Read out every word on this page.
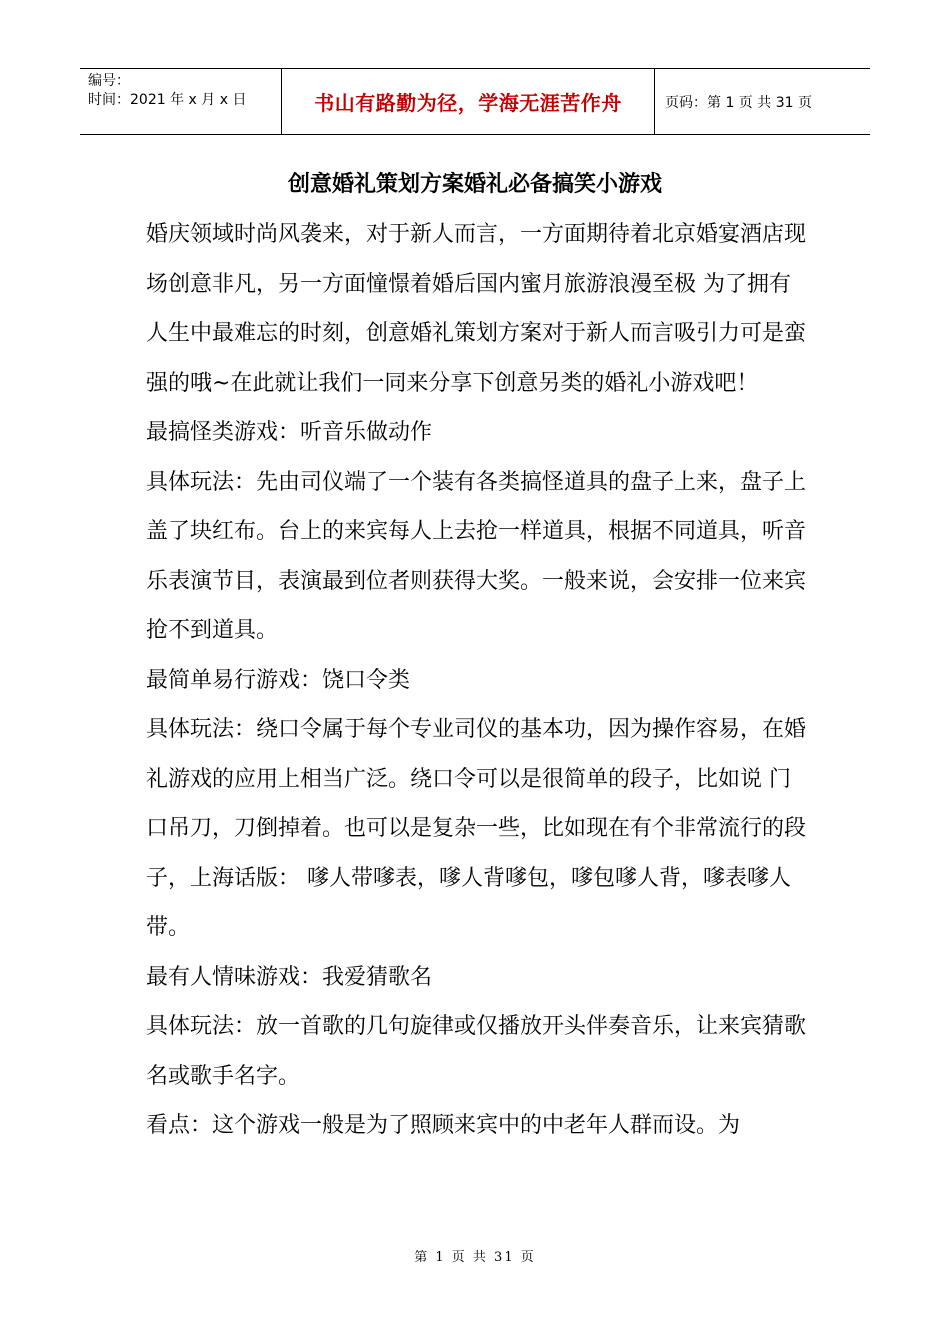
编号：
时间：2021 年 x 月 x 日	书山有路勤为径，学海无涯苦作舟	页码：第 1 页 共 31 页
创意婚礼策划方案婚礼必备搞笑小游戏

婚庆领域时尚风袭来，对于新人而言，一方面期待着北京婚宴酒店现场创意非凡，另一方面憧憬着婚后国内蜜月旅游浪漫至极 为了拥有人生中最难忘的时刻，创意婚礼策划方案对于新人而言吸引力可是蛮强的哦~在此就让我们一同来分享下创意另类的婚礼小游戏吧！

最搞怪类游戏：听音乐做动作

具体玩法：先由司仪端了一个装有各类搞怪道具的盘子上来，盘子上盖了块红布。台上的来宾每人上去抢一样道具，根据不同道具，听音乐表演节目，表演最到位者则获得大奖。一般来说，会安排一位来宾抢不到道具。

最简单易行游戏：饶口令类

具体玩法：绕口令属于每个专业司仪的基本功，因为操作容易，在婚礼游戏的应用上相当广泛。绕口令可以是很简单的段子，比如说 门口吊刀，刀倒掉着。也可以是复杂一些，比如现在有个非常流行的段子，上海话版： 嗲人带嗲表，嗲人背嗲包，嗲包嗲人背，嗲表嗲人带。

最有人情味游戏：我爱猜歌名

具体玩法：放一首歌的几句旋律或仅播放开头伴奏音乐，让来宾猜歌名或歌手名字。

看点：这个游戏一般是为了照顾来宾中的中老年人群而设。为

第 1 页 共 31 页
